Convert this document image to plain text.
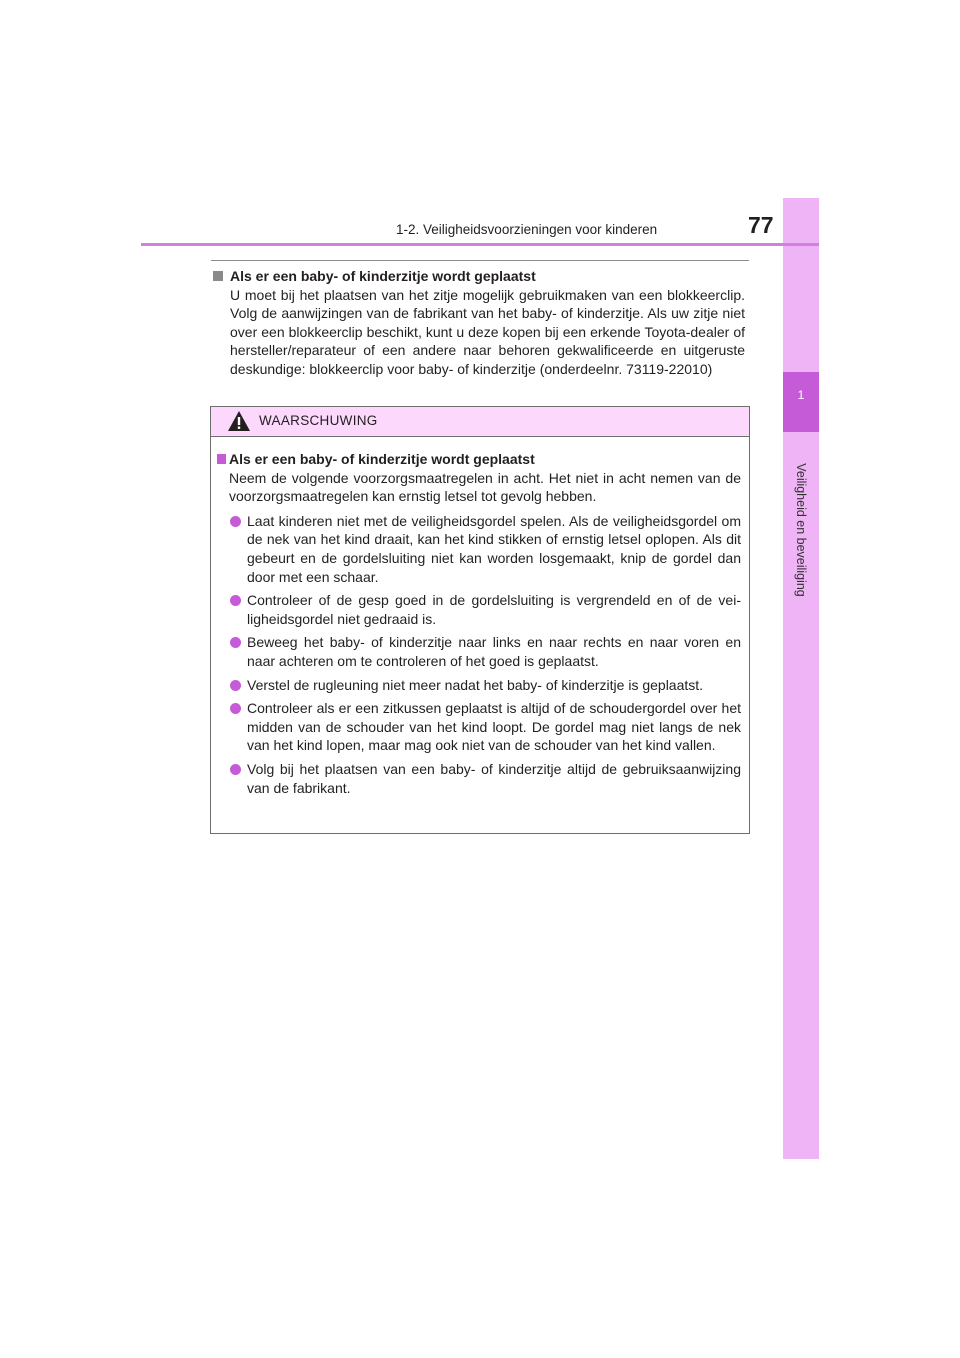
1
Veiligheid en beveiliging
1-2. Veiligheidsvoorzieningen voor kinderen	77
Als er een baby- of kinderzitje wordt geplaatst
U moet bij het plaatsen van het zitje mogelijk gebruikmaken van een blokkeerclip. Volg de aanwijzingen van de fabrikant van het baby- of kinderzitje. Als uw zitje niet over een blokkeerclip beschikt, kunt u deze kopen bij een erkende Toyota-dealer of hersteller/reparateur of een andere naar behoren gekwalificeerde en uitgeruste deskundige: blokkeerclip voor baby- of kinderzitje (onderdeelnr. 73119-22010)
WAARSCHUWING
Als er een baby- of kinderzitje wordt geplaatst
Neem de volgende voorzorgsmaatregelen in acht. Het niet in acht nemen van de voorzorgsmaatregelen kan ernstig letsel tot gevolg hebben.
Laat kinderen niet met de veiligheidsgordel spelen. Als de veiligheidsgordel om de nek van het kind draait, kan het kind stikken of ernstig letsel oplopen. Als dit gebeurt en de gordelsluiting niet kan worden losgemaakt, knip de gordel dan door met een schaar.
Controleer of de gesp goed in de gordelsluiting is vergrendeld en of de veiligheidsgordel niet gedraaid is.
Beweeg het baby- of kinderzitje naar links en naar rechts en naar voren en naar achteren om te controleren of het goed is geplaatst.
Verstel de rugleuning niet meer nadat het baby- of kinderzitje is geplaatst.
Controleer als er een zitkussen geplaatst is altijd of de schoudergordel over het midden van de schouder van het kind loopt. De gordel mag niet langs de nek van het kind lopen, maar mag ook niet van de schouder van het kind vallen.
Volg bij het plaatsen van een baby- of kinderzitje altijd de gebruiksaanwijzing van de fabrikant.
